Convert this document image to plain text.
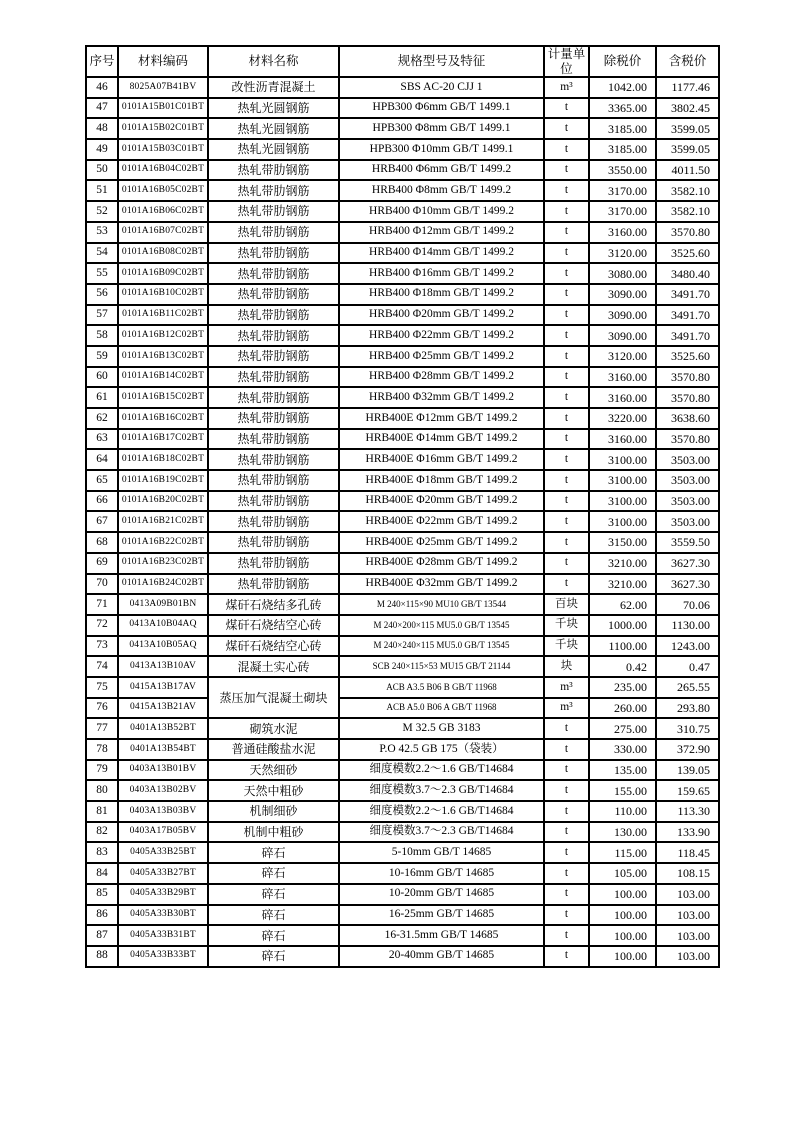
序号	材料编码	材料名称	规格型号及特征	计量单位	除税价	含税价
46	8025A07B41BV	改性沥青混凝土	SBS AC-20 CJJ 1	m³	1042.00	1177.46
47	0101A15B01C01BT	热轧光圆钢筋	HPB300 Φ6mm GB/T 1499.1	t	3365.00	3802.45
48	0101A15B02C01BT	热轧光圆钢筋	HPB300 Φ8mm GB/T 1499.1	t	3185.00	3599.05
49	0101A15B03C01BT	热轧光圆钢筋	HPB300 Φ10mm GB/T 1499.1	t	3185.00	3599.05
50	0101A16B04C02BT	热轧带肋钢筋	HRB400 Φ6mm GB/T 1499.2	t	3550.00	4011.50
51	0101A16B05C02BT	热轧带肋钢筋	HRB400 Φ8mm GB/T 1499.2	t	3170.00	3582.10
52	0101A16B06C02BT	热轧带肋钢筋	HRB400 Φ10mm GB/T 1499.2	t	3170.00	3582.10
53	0101A16B07C02BT	热轧带肋钢筋	HRB400 Φ12mm GB/T 1499.2	t	3160.00	3570.80
54	0101A16B08C02BT	热轧带肋钢筋	HRB400 Φ14mm GB/T 1499.2	t	3120.00	3525.60
55	0101A16B09C02BT	热轧带肋钢筋	HRB400 Φ16mm GB/T 1499.2	t	3080.00	3480.40
56	0101A16B10C02BT	热轧带肋钢筋	HRB400 Φ18mm GB/T 1499.2	t	3090.00	3491.70
57	0101A16B11C02BT	热轧带肋钢筋	HRB400 Φ20mm GB/T 1499.2	t	3090.00	3491.70
58	0101A16B12C02BT	热轧带肋钢筋	HRB400 Φ22mm GB/T 1499.2	t	3090.00	3491.70
59	0101A16B13C02BT	热轧带肋钢筋	HRB400 Φ25mm GB/T 1499.2	t	3120.00	3525.60
60	0101A16B14C02BT	热轧带肋钢筋	HRB400 Φ28mm GB/T 1499.2	t	3160.00	3570.80
61	0101A16B15C02BT	热轧带肋钢筋	HRB400 Φ32mm GB/T 1499.2	t	3160.00	3570.80
62	0101A16B16C02BT	热轧带肋钢筋	HRB400E Φ12mm GB/T 1499.2	t	3220.00	3638.60
63	0101A16B17C02BT	热轧带肋钢筋	HRB400E Φ14mm GB/T 1499.2	t	3160.00	3570.80
64	0101A16B18C02BT	热轧带肋钢筋	HRB400E Φ16mm GB/T 1499.2	t	3100.00	3503.00
65	0101A16B19C02BT	热轧带肋钢筋	HRB400E Φ18mm GB/T 1499.2	t	3100.00	3503.00
66	0101A16B20C02BT	热轧带肋钢筋	HRB400E Φ20mm GB/T 1499.2	t	3100.00	3503.00
67	0101A16B21C02BT	热轧带肋钢筋	HRB400E Φ22mm GB/T 1499.2	t	3100.00	3503.00
68	0101A16B22C02BT	热轧带肋钢筋	HRB400E Φ25mm GB/T 1499.2	t	3150.00	3559.50
69	0101A16B23C02BT	热轧带肋钢筋	HRB400E Φ28mm GB/T 1499.2	t	3210.00	3627.30
70	0101A16B24C02BT	热轧带肋钢筋	HRB400E Φ32mm GB/T 1499.2	t	3210.00	3627.30
71	0413A09B01BN	煤矸石烧结多孔砖	M 240×115×90 MU10 GB/T 13544	百块	62.00	70.06
72	0413A10B04AQ	煤矸石烧结空心砖	M 240×200×115 MU5.0 GB/T 13545	千块	1000.00	1130.00
73	0413A10B05AQ	煤矸石烧结空心砖	M 240×240×115 MU5.0 GB/T 13545	千块	1100.00	1243.00
74	0413A13B10AV	混凝土实心砖	SCB 240×115×53 MU15 GB/T 21144	块	0.42	0.47
75	0415A13B17AV	蒸压加气混凝土砌块	ACB A3.5 B06 B GB/T 11968	m³	235.00	265.55
76	0415A13B21AV		ACB A5.0 B06 A GB/T 11968	m³	260.00	293.80
77	0401A13B52BT	砌筑水泥	M 32.5 GB 3183	t	275.00	310.75
78	0401A13B54BT	普通硅酸盐水泥	P.O 42.5 GB 175（袋装）	t	330.00	372.90
79	0403A13B01BV	天然细砂	细度模数2.2～1.6 GB/T14684	t	135.00	139.05
80	0403A13B02BV	天然中粗砂	细度模数3.7～2.3 GB/T14684	t	155.00	159.65
81	0403A13B03BV	机制细砂	细度模数2.2～1.6 GB/T14684	t	110.00	113.30
82	0403A17B05BV	机制中粗砂	细度模数3.7～2.3 GB/T14684	t	130.00	133.90
83	0405A33B25BT	碎石	5-10mm GB/T 14685	t	115.00	118.45
84	0405A33B27BT	碎石	10-16mm GB/T 14685	t	105.00	108.15
85	0405A33B29BT	碎石	10-20mm GB/T 14685	t	100.00	103.00
86	0405A33B30BT	碎石	16-25mm GB/T 14685	t	100.00	103.00
87	0405A33B31BT	碎石	16-31.5mm GB/T 14685	t	100.00	103.00
88	0405A33B33BT	碎石	20-40mm GB/T 14685	t	100.00	103.00
